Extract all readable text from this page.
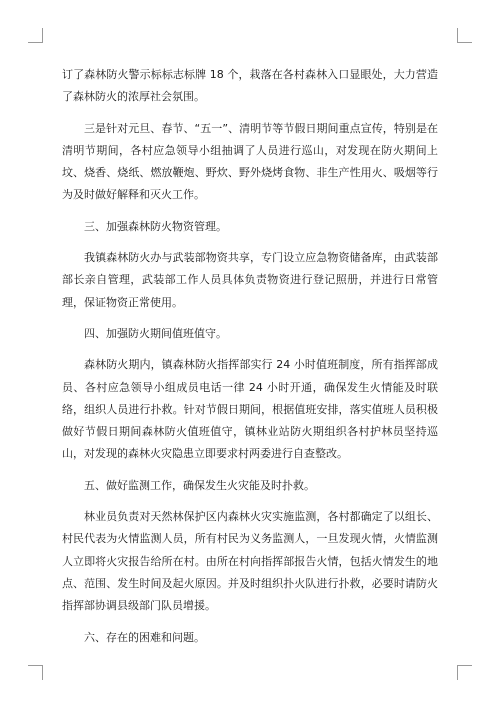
订了森林防火警示标标志标牌 18 个，栽落在各村森林入口显眼处，大力营造了森林防火的浓厚社会氛围。

三是针对元旦、春节、“五一”、清明节等节假日期间重点宣传，特别是在清明节期间，各村应急领导小组抽调了人员进行巡山，对发现在防火期间上坟、烧香、烧纸、燃放鞭炮、野炊、野外烧烤食物、非生产性用火、吸烟等行为及时做好解释和灭火工作。

三、加强森林防火物资管理。

我镇森林防火办与武装部物资共享，专门设立应急物资储备库，由武装部部长亲自管理，武装部工作人员具体负责物资进行登记照册，并进行日常管理，保证物资正常使用。

四、加强防火期间值班值守。

森林防火期内，镇森林防火指挥部实行 24 小时值班制度，所有指挥部成员、各村应急领导小组成员电话一律 24 小时开通，确保发生火情能及时联络，组织人员进行扑救。针对节假日期间，根据值班安排，落实值班人员积极做好节假日期间森林防火值班值守，镇林业站防火期组织各村护林员坚持巡山，对发现的森林火灾隐患立即要求村两委进行自查整改。

五、做好监测工作，确保发生火灾能及时扑救。

林业员负责对天然林保护区内森林火灾实施监测，各村都确定了以组长、村民代表为火情监测人员，所有村民为义务监测人，一旦发现火情，火情监测人立即将火灾报告给所在村。由所在村向指挥部报告火情，包括火情发生的地点、范围、发生时间及起火原因。并及时组织扑火队进行扑救，必要时请防火指挥部协调县级部门队员增援。

六、存在的困难和问题。
